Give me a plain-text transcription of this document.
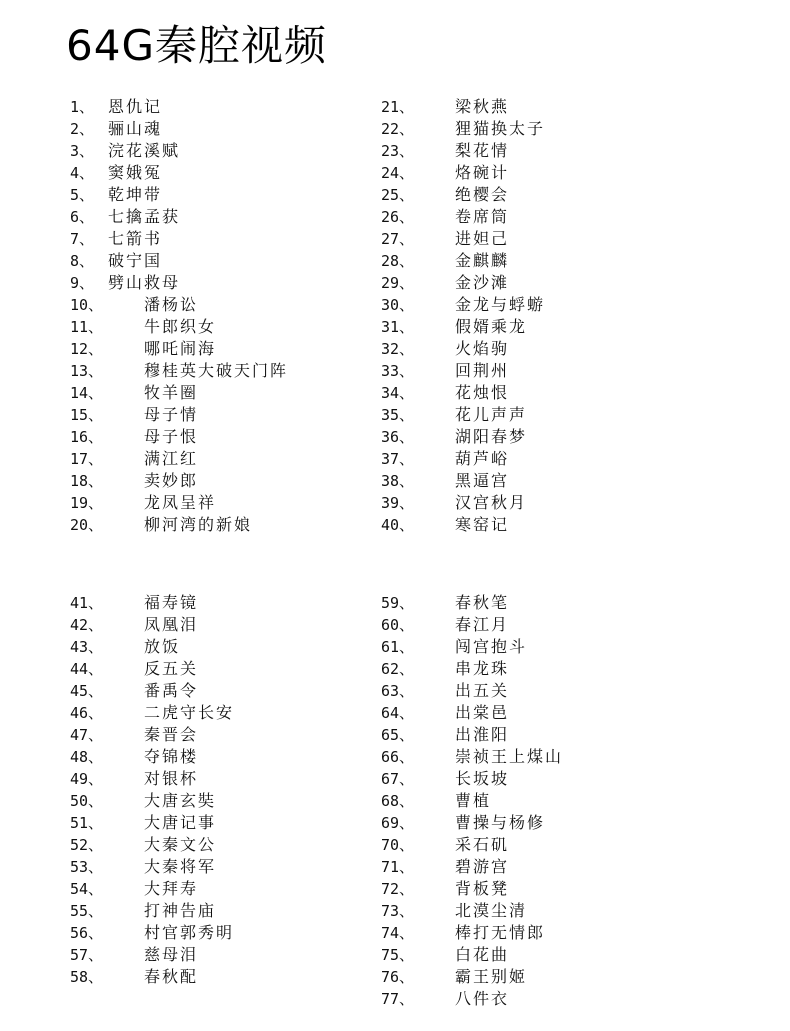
64G秦腔视频
1、 恩仇记
2、 骊山魂
3、 浣花溪赋
4、 窦娥冤
5、 乾坤带
6、 七擒孟获
7、 七箭书
8、 破宁国
9、 劈山救母
10、	潘杨讼
11、	牛郎织女
12、	哪吒闹海
13、	穆桂英大破天门阵
14、	牧羊圈
15、	母子情
16、	母子恨
17、	满江红
18、	卖妙郎
19、	龙凤呈祥
20、	柳河湾的新娘
21、	梁秋燕
22、	狸猫换太子
23、	梨花情
24、	烙碗计
25、	绝樱会
26、	卷席筒
27、	进妲己
28、	金麒麟
29、	金沙滩
30、	金龙与蜉蝣
31、	假婿乘龙
32、	火焰驹
33、	回荆州
34、	花烛恨
35、	花儿声声
36、	湖阳春梦
37、	葫芦峪
38、	黑逼宫
39、	汉宫秋月
40、	寒窑记
41、	福寿镜
42、	凤凰泪
43、	放饭
44、	反五关
45、	番禹令
46、	二虎守长安
47、	秦晋会
48、	夺锦楼
49、	对银杯
50、	大唐玄奘
51、	大唐记事
52、	大秦文公
53、	大秦将军
54、	大拜寿
55、	打神告庙
56、	村官郭秀明
57、	慈母泪
58、	春秋配
59、	春秋笔
60、	春江月
61、	闯宫抱斗
62、	串龙珠
63、	出五关
64、	出棠邑
65、	出淮阳
66、	崇祯王上煤山
67、	长坂坡
68、	曹植
69、	曹操与杨修
70、	采石矶
71、	碧游宫
72、	背板凳
73、	北漠尘清
74、	棒打无情郎
75、	白花曲
76、	霸王别姬
77、	八件衣
